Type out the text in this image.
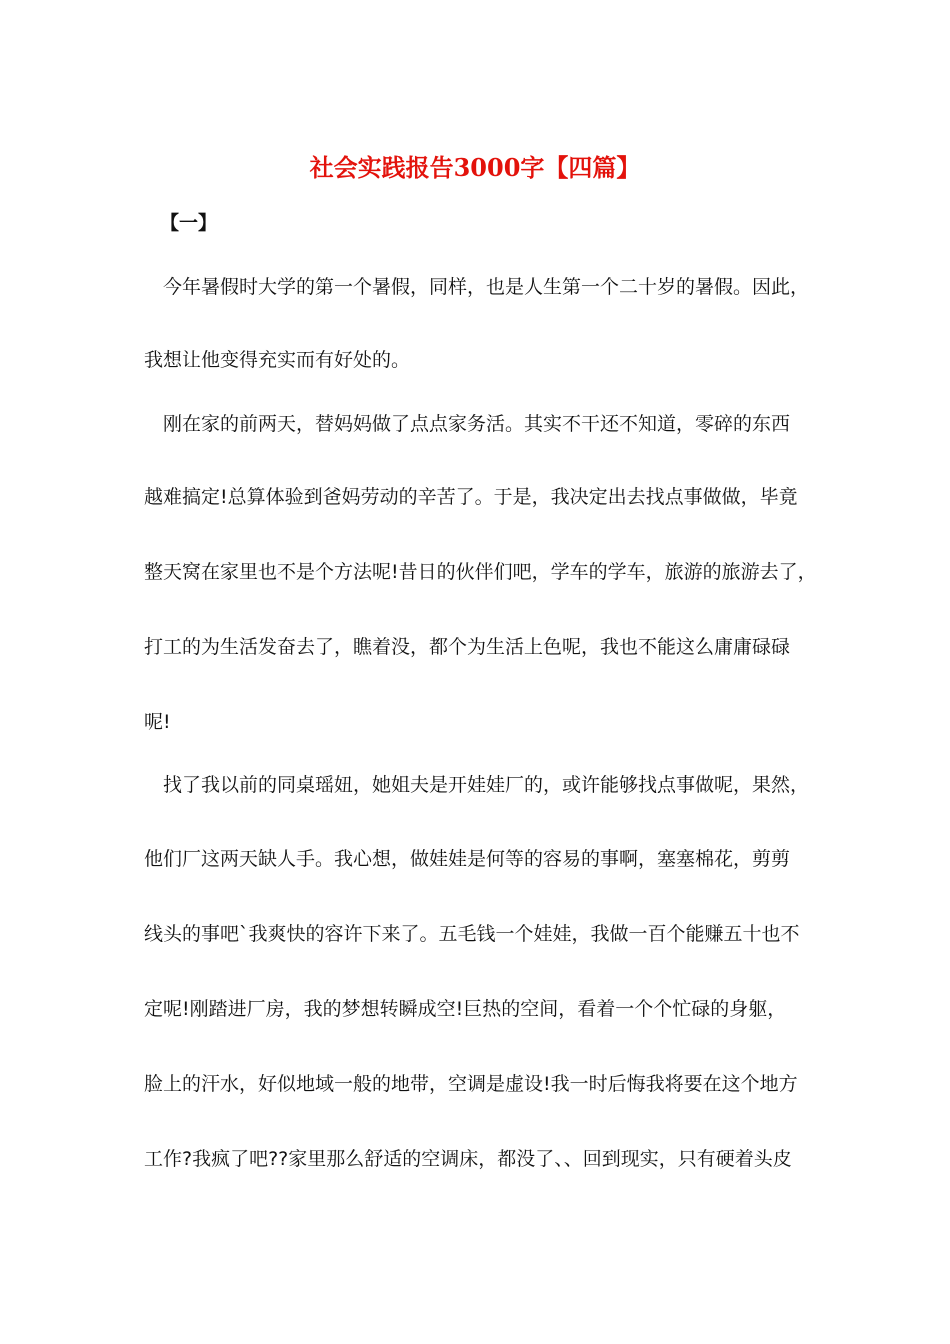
社会实践报告3000字【四篇】

【一】

今年暑假时大学的第一个暑假，同样，也是人生第一个二十岁的暑假。因此，

我想让他变得充实而有好处的。

刚在家的前两天，替妈妈做了点点家务活。其实不干还不知道，零碎的东西

越难搞定!总算体验到爸妈劳动的辛苦了。于是，我决定出去找点事做做，毕竟

整天窝在家里也不是个方法呢!昔日的伙伴们吧，学车的学车，旅游的旅游去了，

打工的为生活发奋去了，瞧着没，都个为生活上色呢，我也不能这么庸庸碌碌

呢!

找了我以前的同桌瑶妞，她姐夫是开娃娃厂的，或许能够找点事做呢，果然，

他们厂这两天缺人手。我心想，做娃娃是何等的容易的事啊，塞塞棉花，剪剪

线头的事吧`我爽快的容许下来了。五毛钱一个娃娃，我做一百个能赚五十也不

定呢!刚踏进厂房，我的梦想转瞬成空!巨热的空间，看着一个个忙碌的身躯，

脸上的汗水，好似地域一般的地带，空调是虚设!我一时后悔我将要在这个地方

工作?我疯了吧??家里那么舒适的空调床，都没了、、回到现实，只有硬着头皮
